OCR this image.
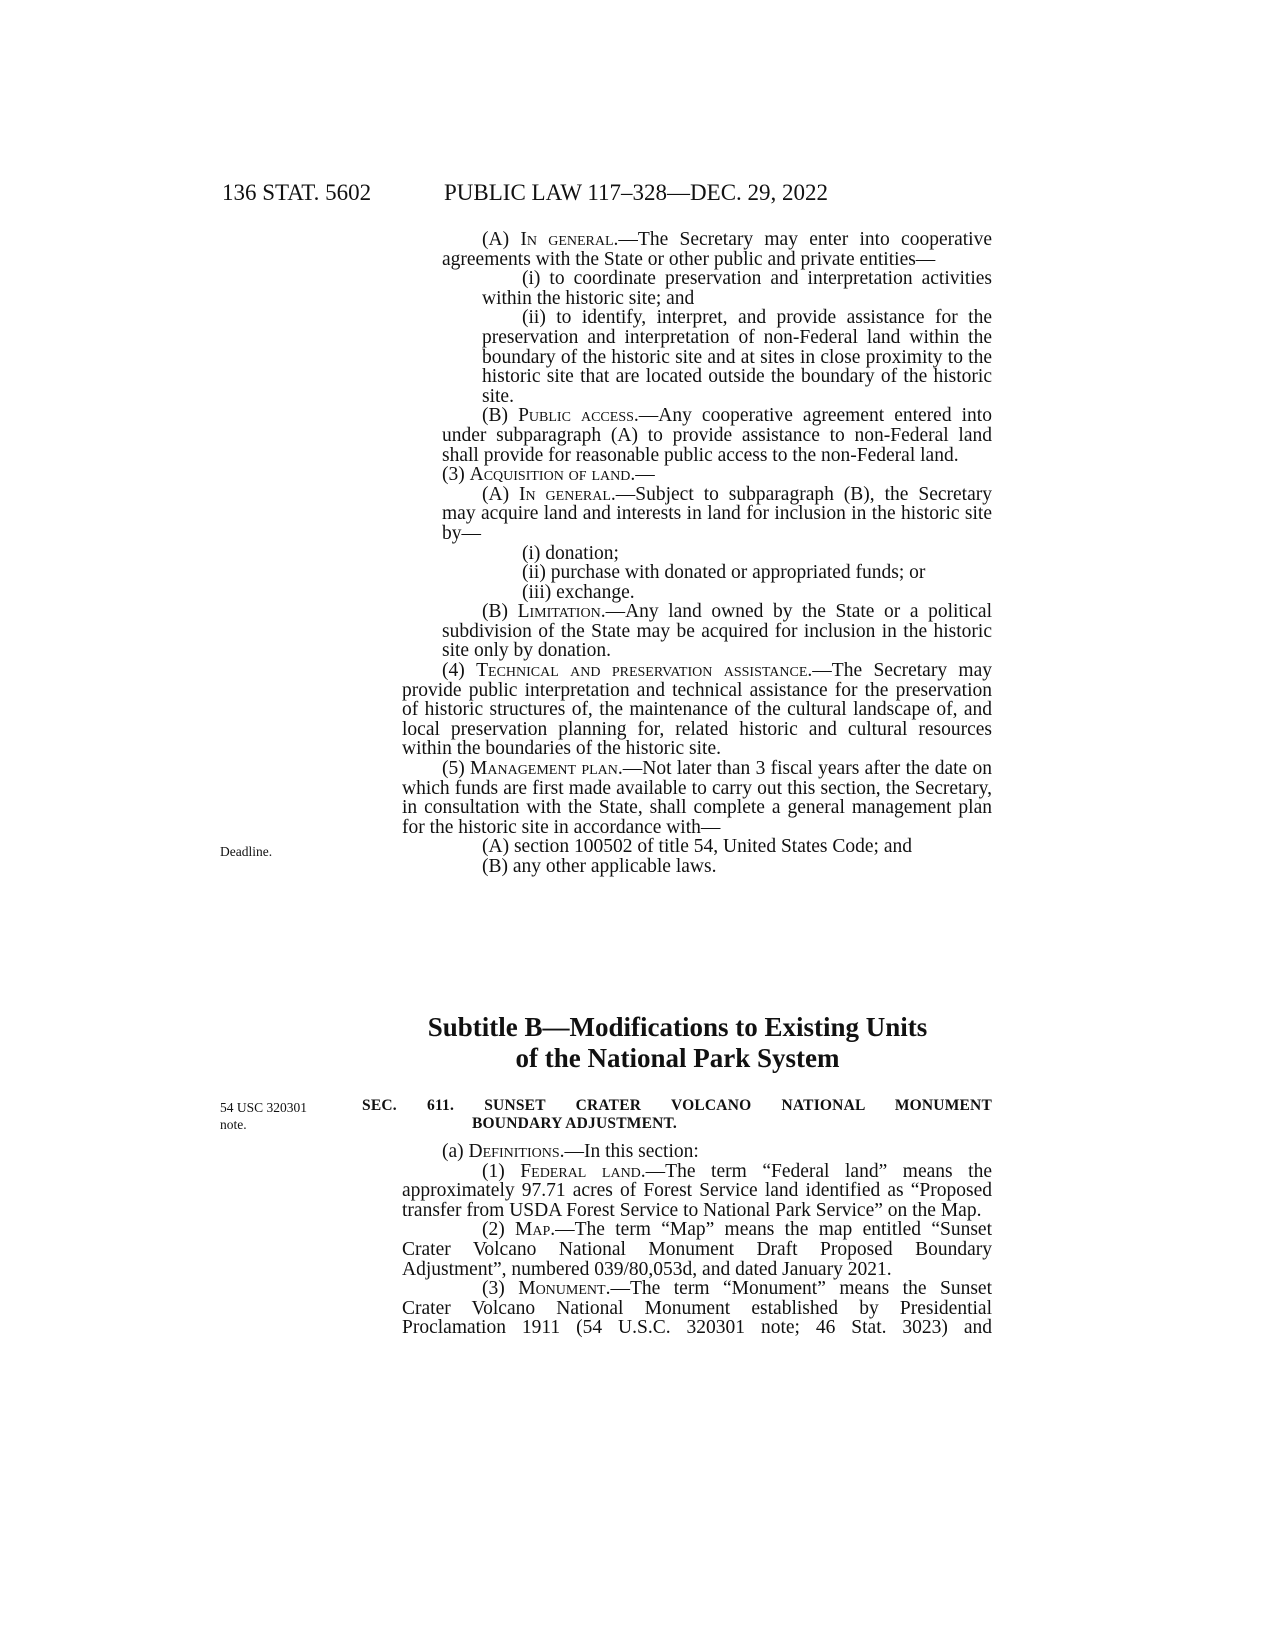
136 STAT. 5602	PUBLIC LAW 117–328—DEC. 29, 2022

(A) In general.—The Secretary may enter into cooperative agreements with the State or other public and private entities—

(i) to coordinate preservation and interpretation activities within the historic site; and

(ii) to identify, interpret, and provide assistance for the preservation and interpretation of non-Federal land within the boundary of the historic site and at sites in close proximity to the historic site that are located outside the boundary of the historic site.

(B) Public access.—Any cooperative agreement entered into under subparagraph (A) to provide assistance to non-Federal land shall provide for reasonable public access to the non-Federal land.

(3) Acquisition of land.—

(A) In general.—Subject to subparagraph (B), the Secretary may acquire land and interests in land for inclusion in the historic site by—

(i) donation;

(ii) purchase with donated or appropriated funds; or

(iii) exchange.

(B) Limitation.—Any land owned by the State or a political subdivision of the State may be acquired for inclusion in the historic site only by donation.

(4) Technical and preservation assistance.—The Secretary may provide public interpretation and technical assistance for the preservation of historic structures of, the maintenance of the cultural landscape of, and local preservation planning for, related historic and cultural resources within the boundaries of the historic site.

(5) Management plan.—Not later than 3 fiscal years after the date on which funds are first made available to carry out this section, the Secretary, in consultation with the State, shall complete a general management plan for the historic site in accordance with—

(A) section 100502 of title 54, United States Code; and

(B) any other applicable laws.

Deadline.
Subtitle B—Modifications to Existing Units
of the National Park System
54 USC 320301
note.
SEC. 611. SUNSET CRATER VOLCANO NATIONAL MONUMENT
BOUNDARY ADJUSTMENT.

(a) Definitions.—In this section:

(1) Federal land.—The term “Federal land” means the approximately 97.71 acres of Forest Service land identified as “Proposed transfer from USDA Forest Service to National Park Service” on the Map.

(2) Map.—The term “Map” means the map entitled “Sunset Crater Volcano National Monument Draft Proposed Boundary Adjustment”, numbered 039/80,053d, and dated January 2021.

(3) Monument.—The term “Monument” means the Sunset Crater Volcano National Monument established by Presidential Proclamation 1911 (54 U.S.C. 320301 note; 46 Stat. 3023) and
